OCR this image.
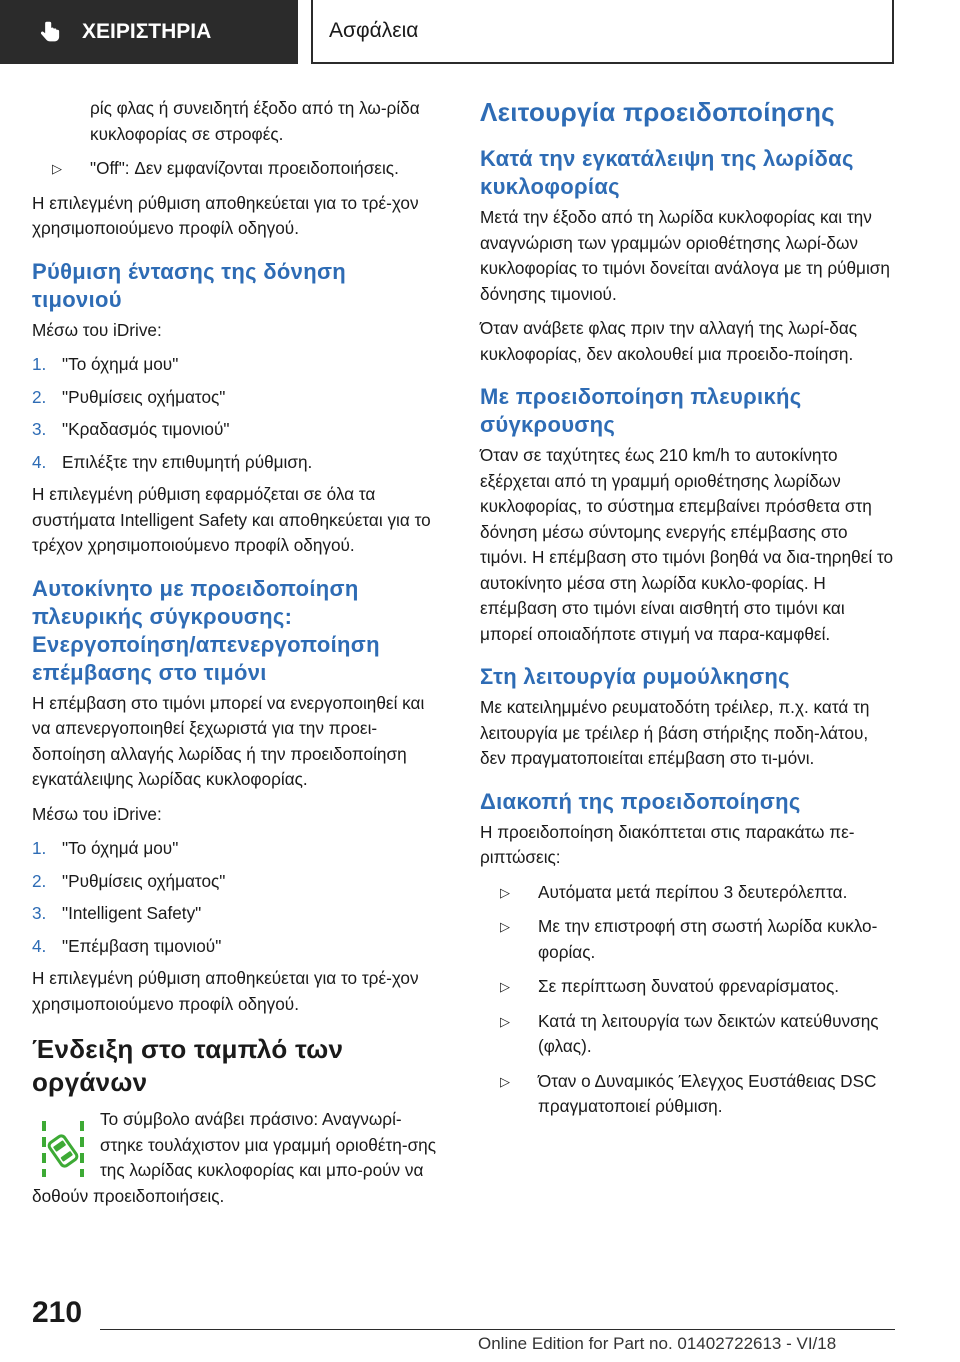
ΧΕΙΡΙΣΤΗΡΙΑ	Ασφάλεια

ρίς φλας ή συνειδητή έξοδο από τη λω-ρίδα κυκλοφορίας σε στροφές.

▷	"Off": Δεν εμφανίζονται προειδοποιήσεις.

Η επιλεγμένη ρύθμιση αποθηκεύεται για το τρέ-χον χρησιμοποιούμενο προφίλ οδηγού.

Ρύθμιση έντασης της δόνηση τιμονιού

Μέσω του iDrive:

1. "Το όχημά μου"
2. "Ρυθμίσεις οχήματος"
3. "Κραδασμός τιμονιού"
4. Επιλέξτε την επιθυμητή ρύθμιση.

Η επιλεγμένη ρύθμιση εφαρμόζεται σε όλα τα συστήματα Intelligent Safety και αποθηκεύεται για το τρέχον χρησιμοποιούμενο προφίλ οδηγού.

Αυτοκίνητο με προειδοποίηση πλευρικής σύγκρουσης: Ενεργοποίηση/απενεργοποίηση επέμβασης στο τιμόνι

Η επέμβαση στο τιμόνι μπορεί να ενεργοποιηθεί και να απενεργοποιηθεί ξεχωριστά για την προει-δοποίηση αλλαγής λωρίδας ή την προειδοποίηση εγκατάλειψης λωρίδας κυκλοφορίας.

Μέσω του iDrive:

1. "Το όχημά μου"
2. "Ρυθμίσεις οχήματος"
3. "Intelligent Safety"
4. "Επέμβαση τιμονιού"

Η επιλεγμένη ρύθμιση αποθηκεύεται για το τρέ-χον χρησιμοποιούμενο προφίλ οδηγού.

Ένδειξη στο ταμπλό των οργάνων

Το σύμβολο ανάβει πράσινο: Αναγνωρί-στηκε τουλάχιστον μια γραμμή οριοθέτη-σης της λωρίδας κυκλοφορίας και μπο-ρούν να δοθούν προειδοποιήσεις.

Λειτουργία προειδοποίησης
Κατά την εγκατάλειψη της λωρίδας κυκλοφορίας

Μετά την έξοδο από τη λωρίδα κυκλοφορίας και την αναγνώριση των γραμμών οριοθέτησης λωρί-δων κυκλοφορίας το τιμόνι δονείται ανάλογα με τη ρύθμιση δόνησης τιμονιού.

Όταν ανάβετε φλας πριν την αλλαγή της λωρί-δας κυκλοφορίας, δεν ακολουθεί μια προειδο-ποίηση.

Με προειδοποίηση πλευρικής σύγκρουσης

Όταν σε ταχύτητες έως 210 km/h το αυτοκίνητο εξέρχεται από τη γραμμή οριοθέτησης λωρίδων κυκλοφορίας, το σύστημα επεμβαίνει πρόσθετα στη δόνηση μέσω σύντομης ενεργής επέμβασης στο τιμόνι. Η επέμβαση στο τιμόνι βοηθά να δια-τηρηθεί το αυτοκίνητο μέσα στη λωρίδα κυκλο-φορίας. Η επέμβαση στο τιμόνι είναι αισθητή στο τιμόνι και μπορεί οποιαδήποτε στιγμή να παρα-καμφθεί.

Στη λειτουργία ρυμούλκησης

Με κατειλημμένο ρευματοδότη τρέιλερ, π.χ. κατά τη λειτουργία με τρέιλερ ή βάση στήριξης ποδη-λάτου, δεν πραγματοποιείται επέμβαση στο τι-μόνι.

Διακοπή της προειδοποίησης

Η προειδοποίηση διακόπτεται στις παρακάτω πε-ριπτώσεις:

▷	Αυτόματα μετά περίπου 3 δευτερόλεπτα.
▷	Με την επιστροφή στη σωστή λωρίδα κυκλο-φορίας.
▷	Σε περίπτωση δυνατού φρεναρίσματος.
▷	Κατά τη λειτουργία των δεικτών κατεύθυνσης (φλας).
▷	Όταν ο Δυναμικός Έλεγχος Ευστάθειας DSC πραγματοποιεί ρύθμιση.
210
Online Edition for Part no. 01402722613 - VI/18
